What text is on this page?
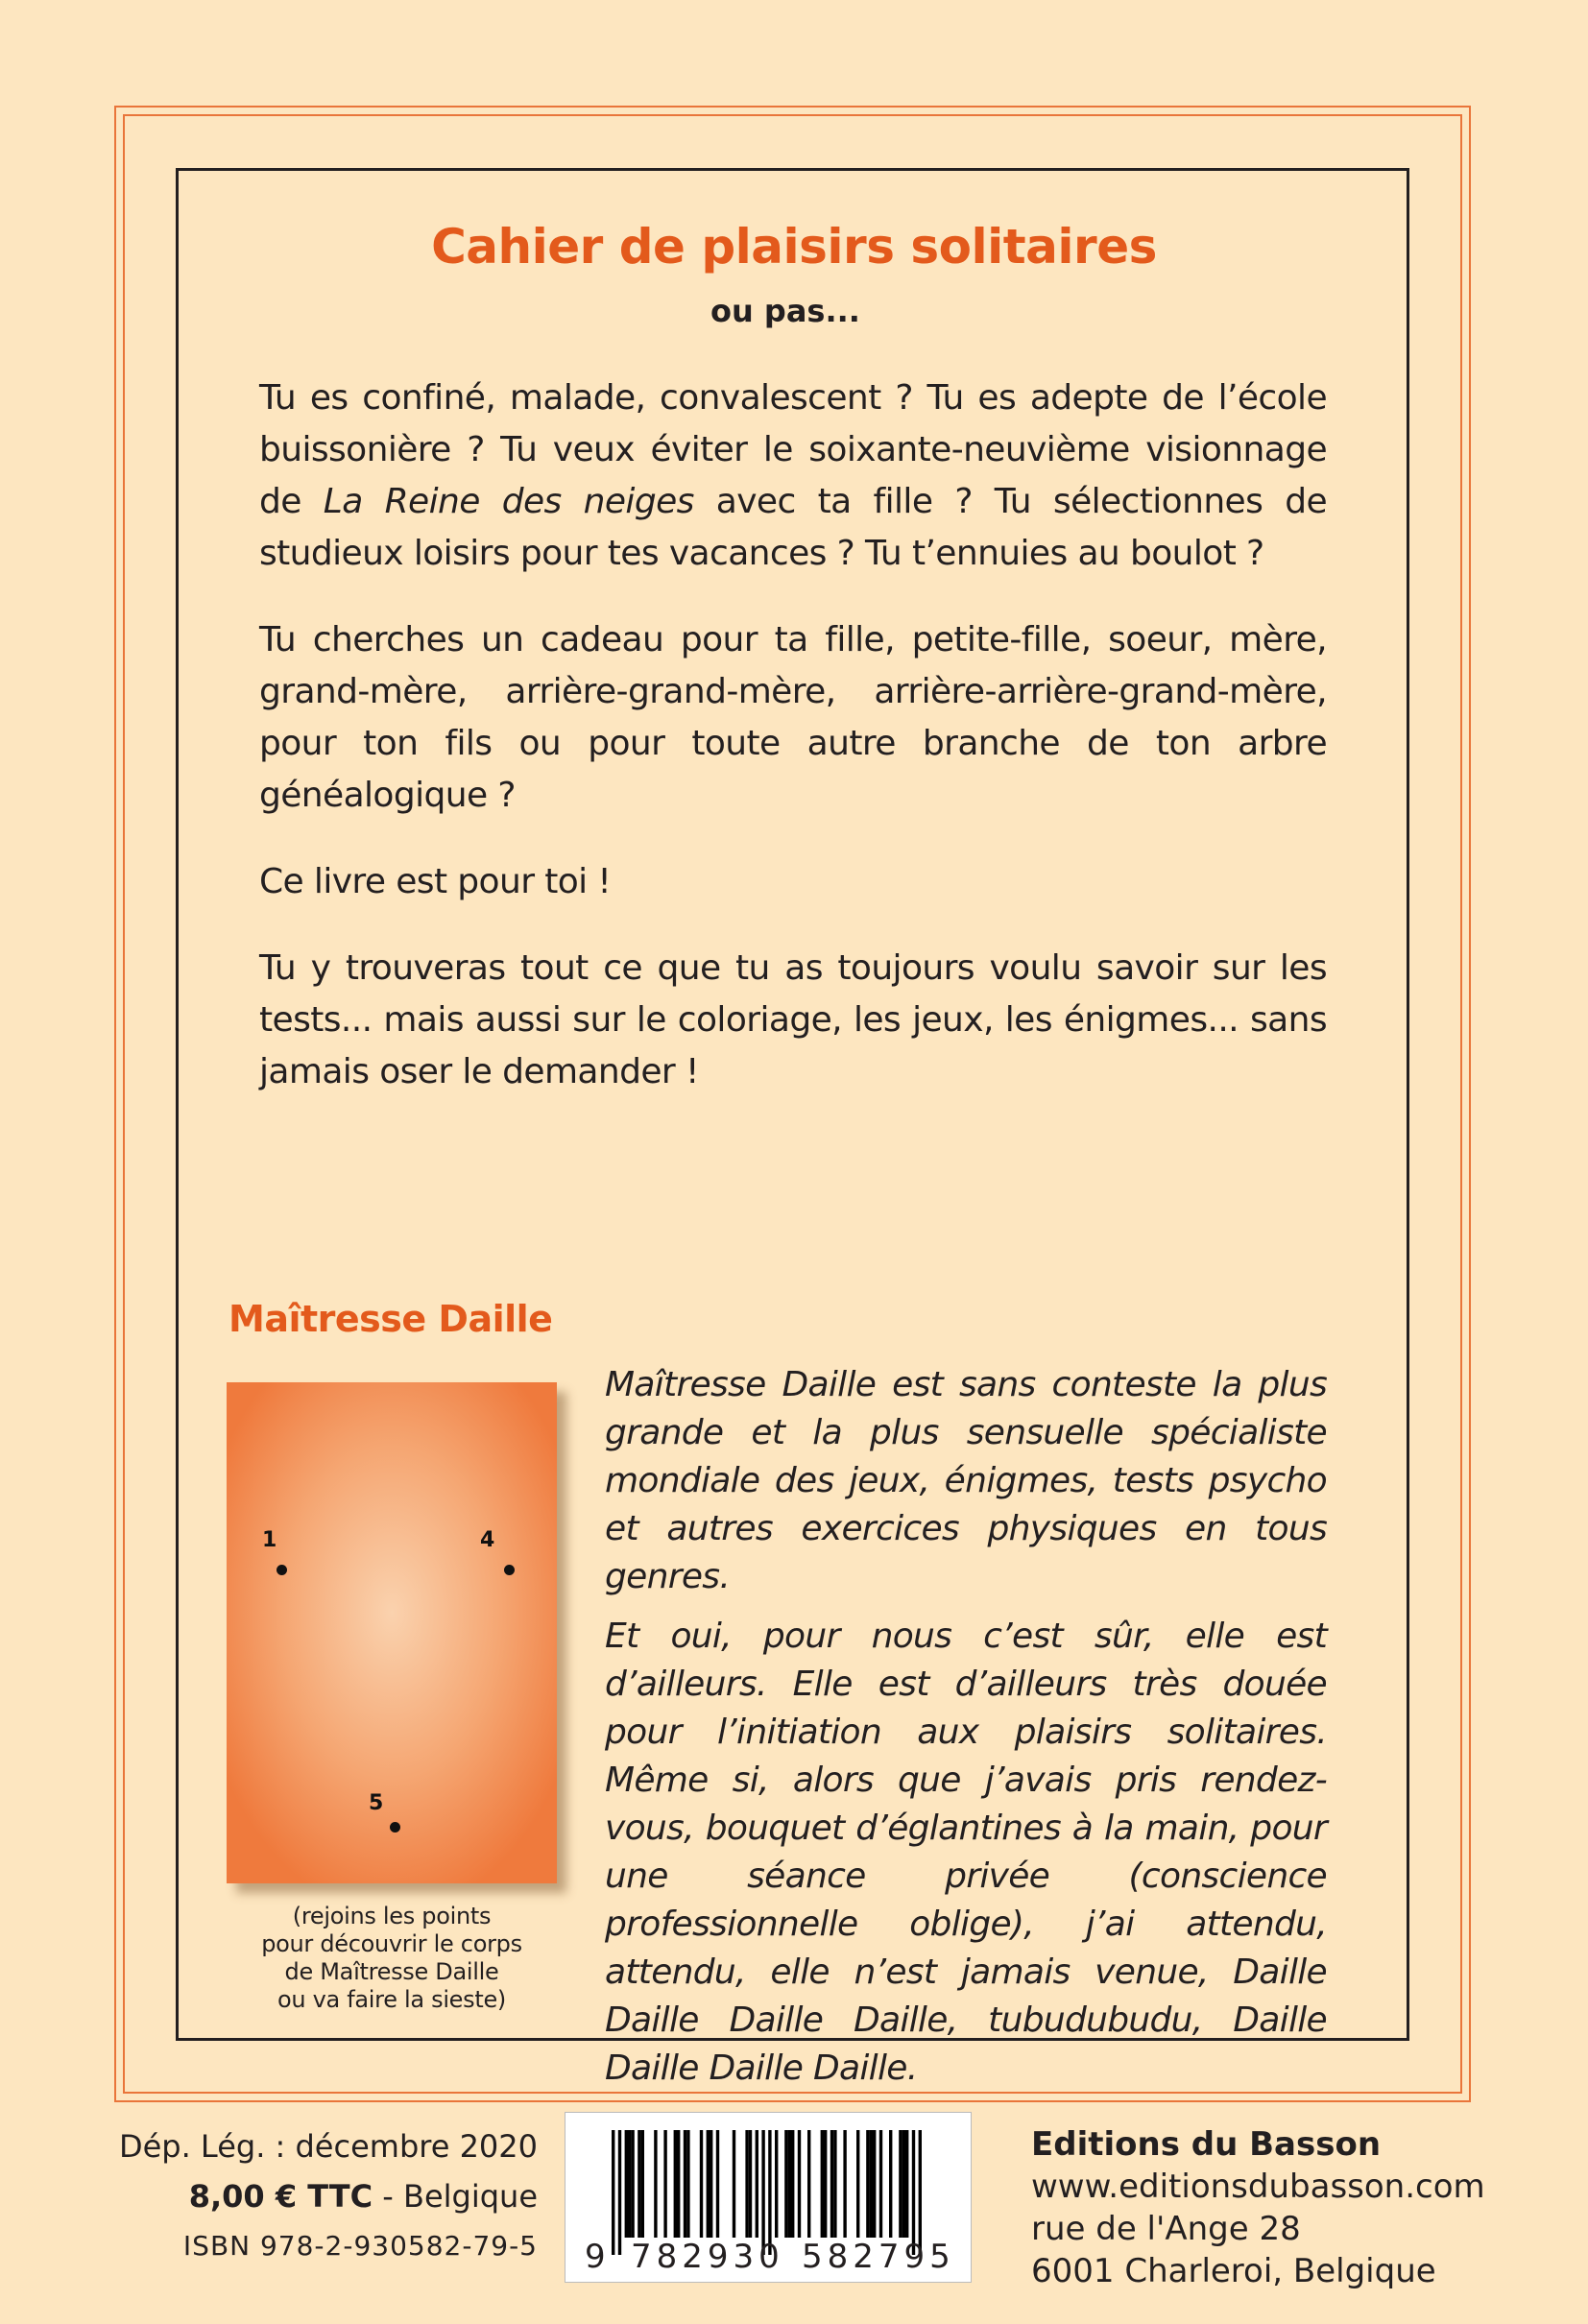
Cahier de plaisirs solitaires
ou pas...

Tu es confiné, malade, convalescent ? Tu es adepte de l’école buissonière ? Tu veux éviter le soixante-neuvième visionnage de La Reine des neiges avec ta fille ? Tu sélectionnes de studieux loisirs pour tes vacances ? Tu t’ennuies au boulot ?

Tu cherches un cadeau pour ta fille, petite-fille, soeur, mère, grand-mère, arrière-grand-mère, arrière-arrière-grand-mère, pour ton fils ou pour toute autre branche de ton arbre généalogique ?

Ce livre est pour toi !

Tu y trouveras tout ce que tu as toujours voulu savoir sur les tests... mais aussi sur le coloriage, les jeux, les énigmes... sans jamais oser le demander !

Maîtresse Daille
1	4
5
(rejoins les points
pour découvrir le corps
de Maîtresse Daille
ou va faire la sieste)

Maîtresse Daille est sans conteste la plus grande et la plus sensuelle spécialiste mondiale des jeux, énigmes, tests psycho et autres exercices physiques en tous genres.

Et oui, pour nous c’est sûr, elle est d’ailleurs. Elle est d’ailleurs très douée pour l’initiation aux plaisirs solitaires. Même si, alors que j’avais pris rendez-vous, bouquet d’églantines à la main, pour une séance privée (conscience professionnelle oblige), j’ai attendu, attendu, elle n’est jamais venue, Daille Daille Daille Daille, tubudubudu, Daille Daille Daille Daille.

Dép. Lég. : décembre 2020
8,00 € TTC - Belgique
ISBN 978-2-930582-79-5 9 782930 582795
Editions du Basson
www.editionsdubasson.com
rue de l'Ange 28
6001 Charleroi, Belgique
